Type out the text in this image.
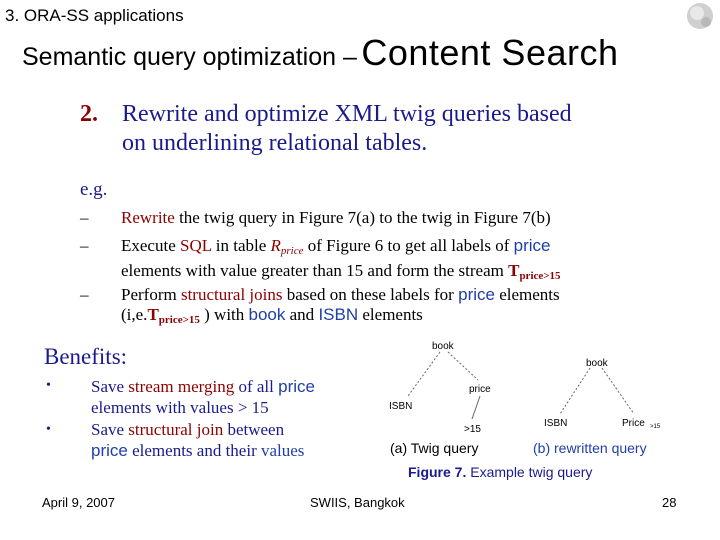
3. ORA-SS applications
Semantic query optimization – Content Search
2. Rewrite and optimize XML twig queries based
on underlining relational tables.
e.g.
– Rewrite the twig query in Figure 7(a) to the twig in Figure 7(b)
– Execute SQL in table Rprice of Figure 6 to get all labels of price
elements with value greater than 15 and form the stream $T_{price>15}$
– Perform structural joins based on these labels for price elements
($i,e.T_{price>15}$ ) with book and ISBN elements
Benefits:
• Save stream merging of all price
elements with values > 15
• Save structural join between
price elements and their values
book
price
ISBN
>15
book
ISBN	Price >15
(a) Twig query	(b) rewritten query
Figure 7. Example twig query
April 9, 2007	SWIIS, Bangkok	28
